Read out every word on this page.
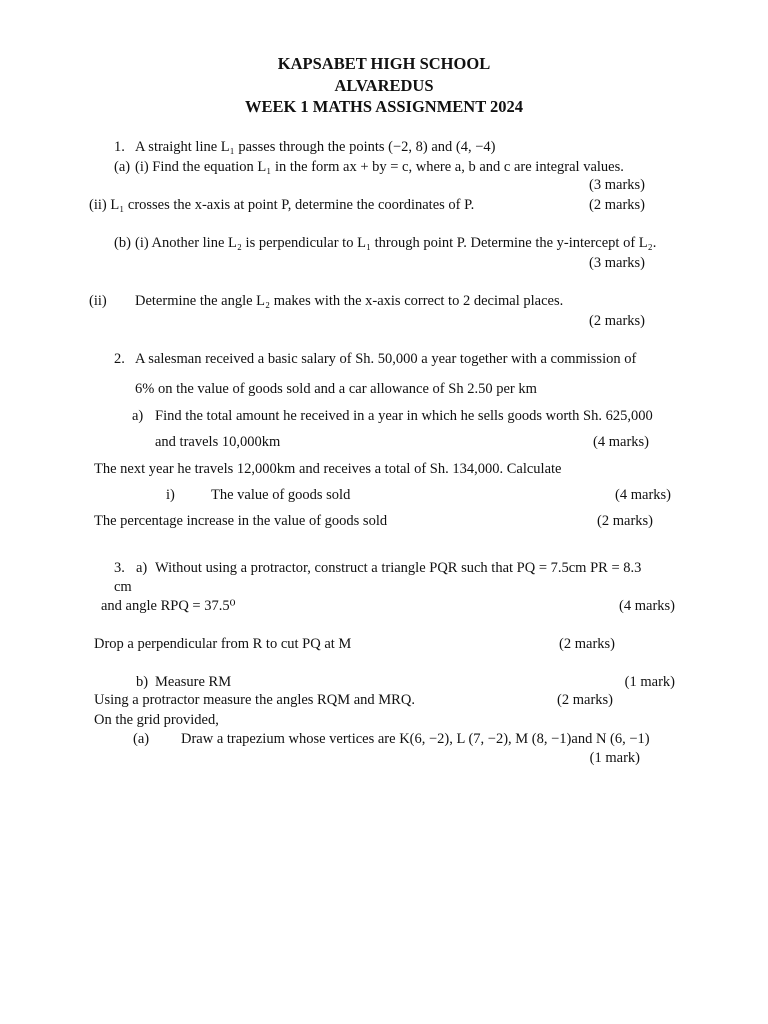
KAPSABET HIGH SCHOOL
ALVAREDUS
WEEK 1 MATHS ASSIGNMENT 2024
1. A straight line L₁ passes through the points (−2, 8) and (4, −4)
(a) (i) Find the equation L₁ in the form ax + by = c, where a, b and c are integral values.
(3 marks)
(ii) L₁ crosses the x-axis at point P, determine the coordinates of P.	(2 marks)
(b) (i) Another line L₂ is perpendicular to L₁ through point P. Determine the y-intercept of L₂.
(3 marks)
(ii) Determine the angle L₂ makes with the x-axis correct to 2 decimal places.
(2 marks)
2. A salesman received a basic salary of Sh. 50,000 a year together with a commission of
6% on the value of goods sold and a car allowance of Sh 2.50 per km
a) Find the total amount he received in a year in which he sells goods worth Sh. 625,000
and travels 10,000km	(4 marks)
The next year he travels 12,000km and receives a total of Sh. 134,000. Calculate
i) The value of goods sold	(4 marks)
The percentage increase in the value of goods sold	(2 marks)
3. a) Without using a protractor, construct a triangle PQR such that PQ = 7.5cm PR = 8.3
cm
and angle RPQ = 37.5⁰	(4 marks)
Drop a perpendicular from R to cut PQ at M	(2 marks)
b) Measure RM	(1 mark)
Using a protractor measure the angles RQM and MRQ.	(2 marks)
On the grid provided,
(a) Draw a trapezium whose vertices are K(6, −2), L (7, −2), M (8, −1)and N (6, −1)
(1 mark)
